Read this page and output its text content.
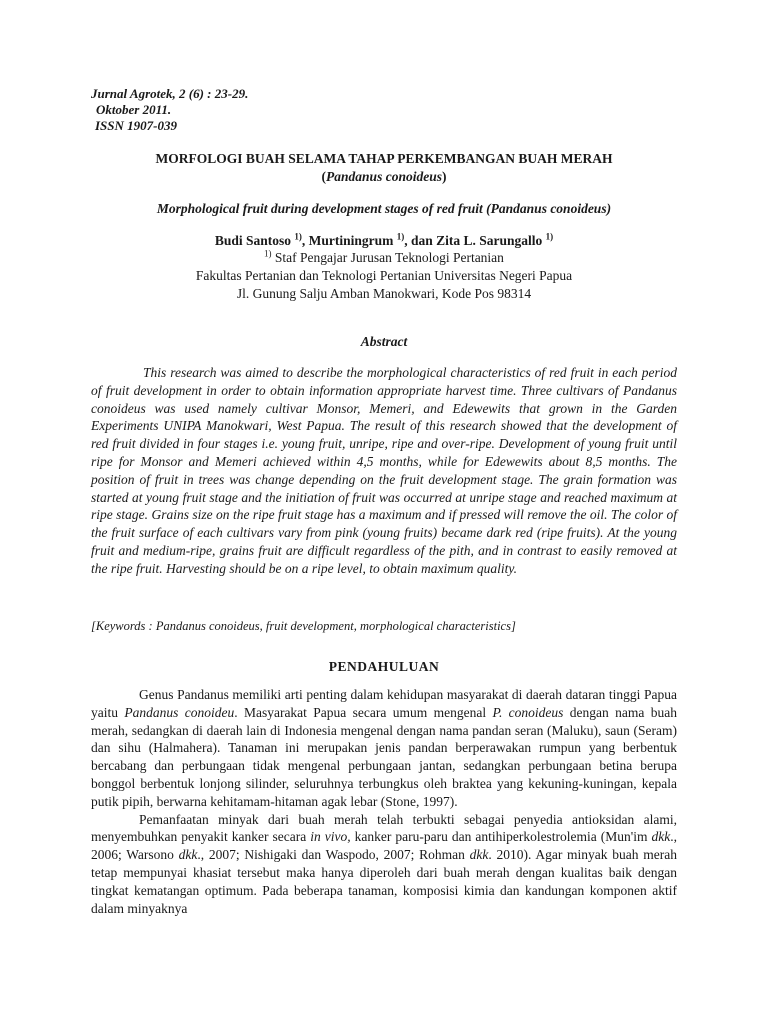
Jurnal Agrotek, 2 (6) : 23-29.
Oktober 2011.
ISSN 1907-039
MORFOLOGI BUAH SELAMA TAHAP PERKEMBANGAN BUAH MERAH
(Pandanus conoideus)
Morphological fruit during development stages of red fruit (Pandanus conoideus)
Budi Santoso $^{1)}$, Murtiningrum $^{1)}$, dan Zita L. Sarungallo $^{1)}$
$^{1)}$ Staf Pengajar Jurusan Teknologi Pertanian
Fakultas Pertanian dan Teknologi Pertanian Universitas Negeri Papua
Jl. Gunung Salju Amban Manokwari, Kode Pos 98314
Abstract

This research was aimed to describe the morphological characteristics of red fruit in each period of fruit development in order to obtain information appropriate harvest time. Three cultivars of Pandanus conoideus was used namely cultivar Monsor, Memeri, and Edewewits that grown in the Garden Experiments UNIPA Manokwari, West Papua. The result of this research showed that the development of red fruit divided in four stages i.e. young fruit, unripe, ripe and over-ripe. Development of young fruit until ripe for Monsor and Memeri achieved within 4,5 months, while for Edewewits about 8,5 months. The position of fruit in trees was change depending on the fruit development stage. The grain formation was started at young fruit stage and the initiation of fruit was occurred at unripe stage and reached maximum at ripe stage. Grains size on the ripe fruit stage has a maximum and if pressed will remove the oil. The color of the fruit surface of each cultivars vary from pink (young fruits) became dark red (ripe fruits). At the young fruit and medium-ripe, grains fruit are difficult regardless of the pith, and in contrast to easily removed at the ripe fruit. Harvesting should be on a ripe level, to obtain maximum quality.

[Keywords : Pandanus conoideus, fruit development, morphological characteristics]
PENDAHULUAN

Genus Pandanus memiliki arti penting dalam kehidupan masyarakat di daerah dataran tinggi Papua yaitu Pandanus conoideu. Masyarakat Papua secara umum mengenal P. conoideus dengan nama buah merah, sedangkan di daerah lain di Indonesia mengenal dengan nama pandan seran (Maluku), saun (Seram) dan sihu (Halmahera). Tanaman ini merupakan jenis pandan berperawakan rumpun yang berbentuk bercabang dan perbungaan tidak mengenal perbungaan jantan, sedangkan perbungaan betina berupa bonggol berbentuk lonjong silinder, seluruhnya terbungkus oleh braktea yang kekuning-kuningan, kepala putik pipih, berwarna kehitamam-hitaman agak lebar (Stone, 1997).

Pemanfaatan minyak dari buah merah telah terbukti sebagai penyedia antioksidan alami, menyembuhkan penyakit kanker secara in vivo, kanker paru-paru dan antihiperkolestrolemia (Mun'im dkk., 2006; Warsono dkk., 2007; Nishigaki dan Waspodo, 2007; Rohman dkk. 2010). Agar minyak buah merah tetap mempunyai khasiat tersebut maka hanya diperoleh dari buah merah dengan kualitas baik dengan tingkat kematangan optimum. Pada beberapa tanaman, komposisi kimia dan kandungan komponen aktif dalam minyaknya
